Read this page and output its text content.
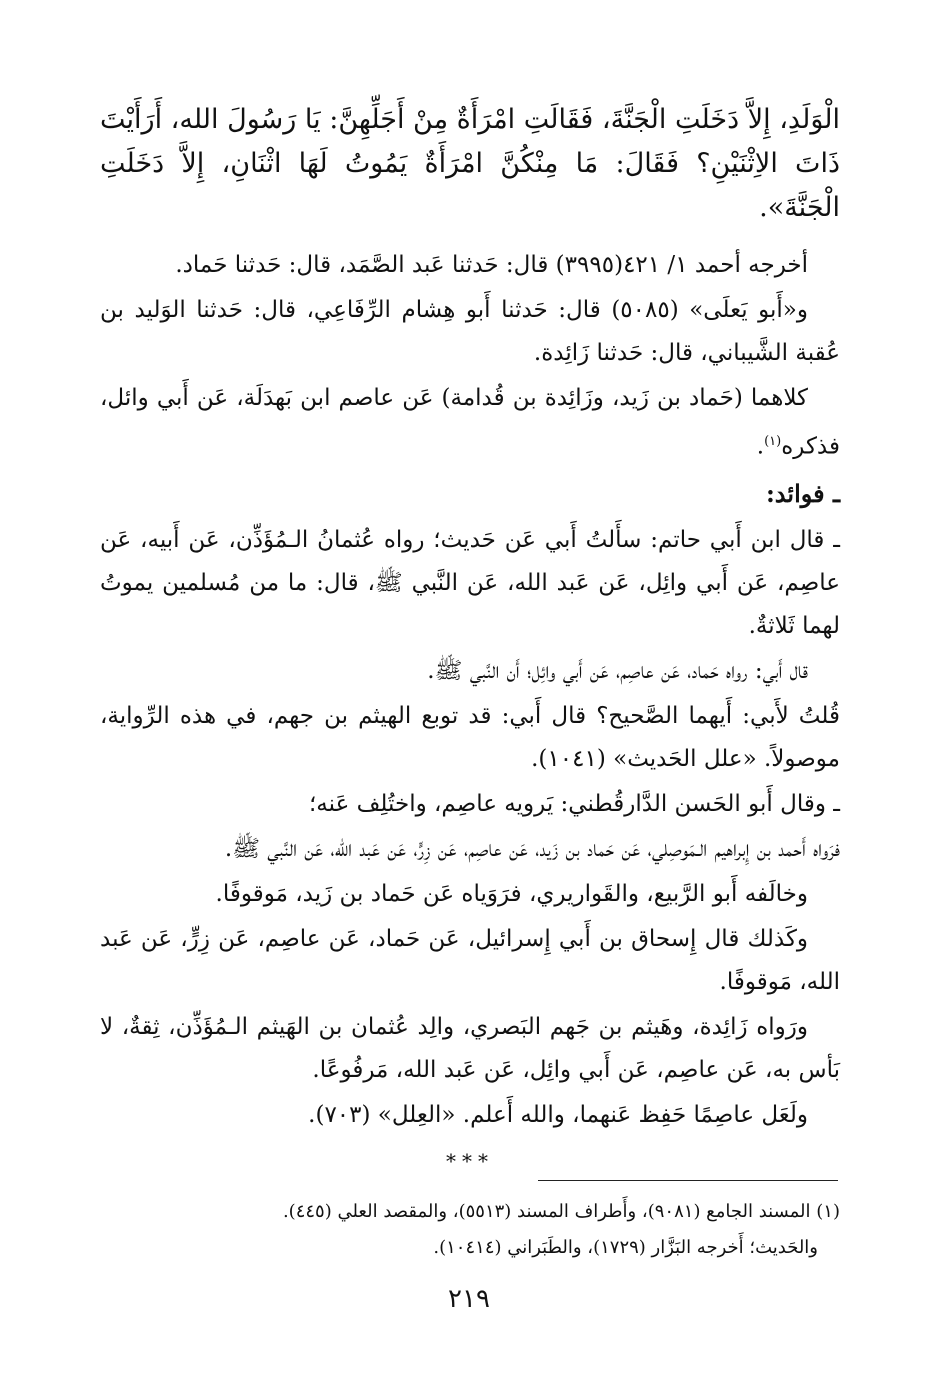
الْوَلَدِ، إِلاَّ دَخَلَتِ الْجَنَّةَ، فَقَالَتِ امْرَأَةٌ مِنْ أَجَلِّهِنَّ: يَا رَسُولَ الله، أَرَأَيْتَ ذَاتَ الاِثْنَيْنِ؟ فَقَالَ: مَا مِنْكُنَّ امْرَأَةٌ يَمُوتُ لَهَا اثْنَانِ، إِلاَّ دَخَلَتِ الْجَنَّةَ».

أخرجه أحمد ١/ ٤٢١(٣٩٩٥) قال: حَدثنا عَبد الصَّمَد، قال: حَدثنا حَماد.

و«أَبو يَعلَى» (٥٠٨٥) قال: حَدثنا أَبو هِشام الرِّفَاعِي، قال: حَدثنا الوَليد بن عُقبة الشَّيباني، قال: حَدثنا زَائِدة.

كلاهما (حَماد بن زَيد، وزَائِدة بن قُدامة) عَن عاصم ابن بَهدَلَة، عَن أَبي وائل، فذكره$^{(١)}$.

ـ فوائد:

ـ قال ابن أَبي حاتم: سأَلتُ أَبي عَن حَديث؛ رواه عُثمانُ الـمُؤَذِّن، عَن أَبيه، عَن عاصِم، عَن أَبي وائِل، عَن عَبد الله، عَن النَّبي ﷺ، قال: ما من مُسلمين يموتُ لهما ثَلاثةٌ.

قال أَبي: رواه حَماد، عَن عاصِم، عَن أَبي وائِل؛ أَن النَّبي ﷺ.

قُلتُ لأَبي: أَيهما الصَّحيح؟ قال أَبي: قد توبع الهيثم بن جهم، في هذه الرِّواية، موصولاً. «علل الحَديث» (١٠٤١).

ـ وقال أَبو الحَسن الدَّارقُطني: يَرويه عاصِم، واختُلِف عَنه؛

فرَواه أَحمد بن إِبراهيم الـمَوصِلي، عَن حَماد بن زَيد، عَن عاصِم، عَن زِرٍّ، عَن عَبد الله، عَن النَّبي ﷺ.

وخالَفه أَبو الرَّبيع، والقَواريري، فرَوَياه عَن حَماد بن زَيد، مَوقوفًا.

وكَذلك قال إِسحاق بن أَبي إِسرائيل، عَن حَماد، عَن عاصِم، عَن زِرٍّ، عَن عَبد الله، مَوقوفًا.

ورَواه زَائِدة، وهَيثم بن جَهم البَصري، والِد عُثمان بن الهَيثم الـمُؤَذِّن، ثِقةٌ، لا بَأس به، عَن عاصِم، عَن أَبي وائِل، عَن عَبد الله، مَرفُوعًا.

ولَعَل عاصِمًا حَفِظ عَنهما، والله أَعلم. «العِلل» (٧٠٣).

***

(١) المسند الجامع (٩٠٨١)، وأَطراف المسند (٥٥١٣)، والمقصد العلي (٤٤٥).

والحَديث؛ أَخرجه البَزَّار (١٧٢٩)، والطَبَراني (١٠٤١٤).

٢١٩
